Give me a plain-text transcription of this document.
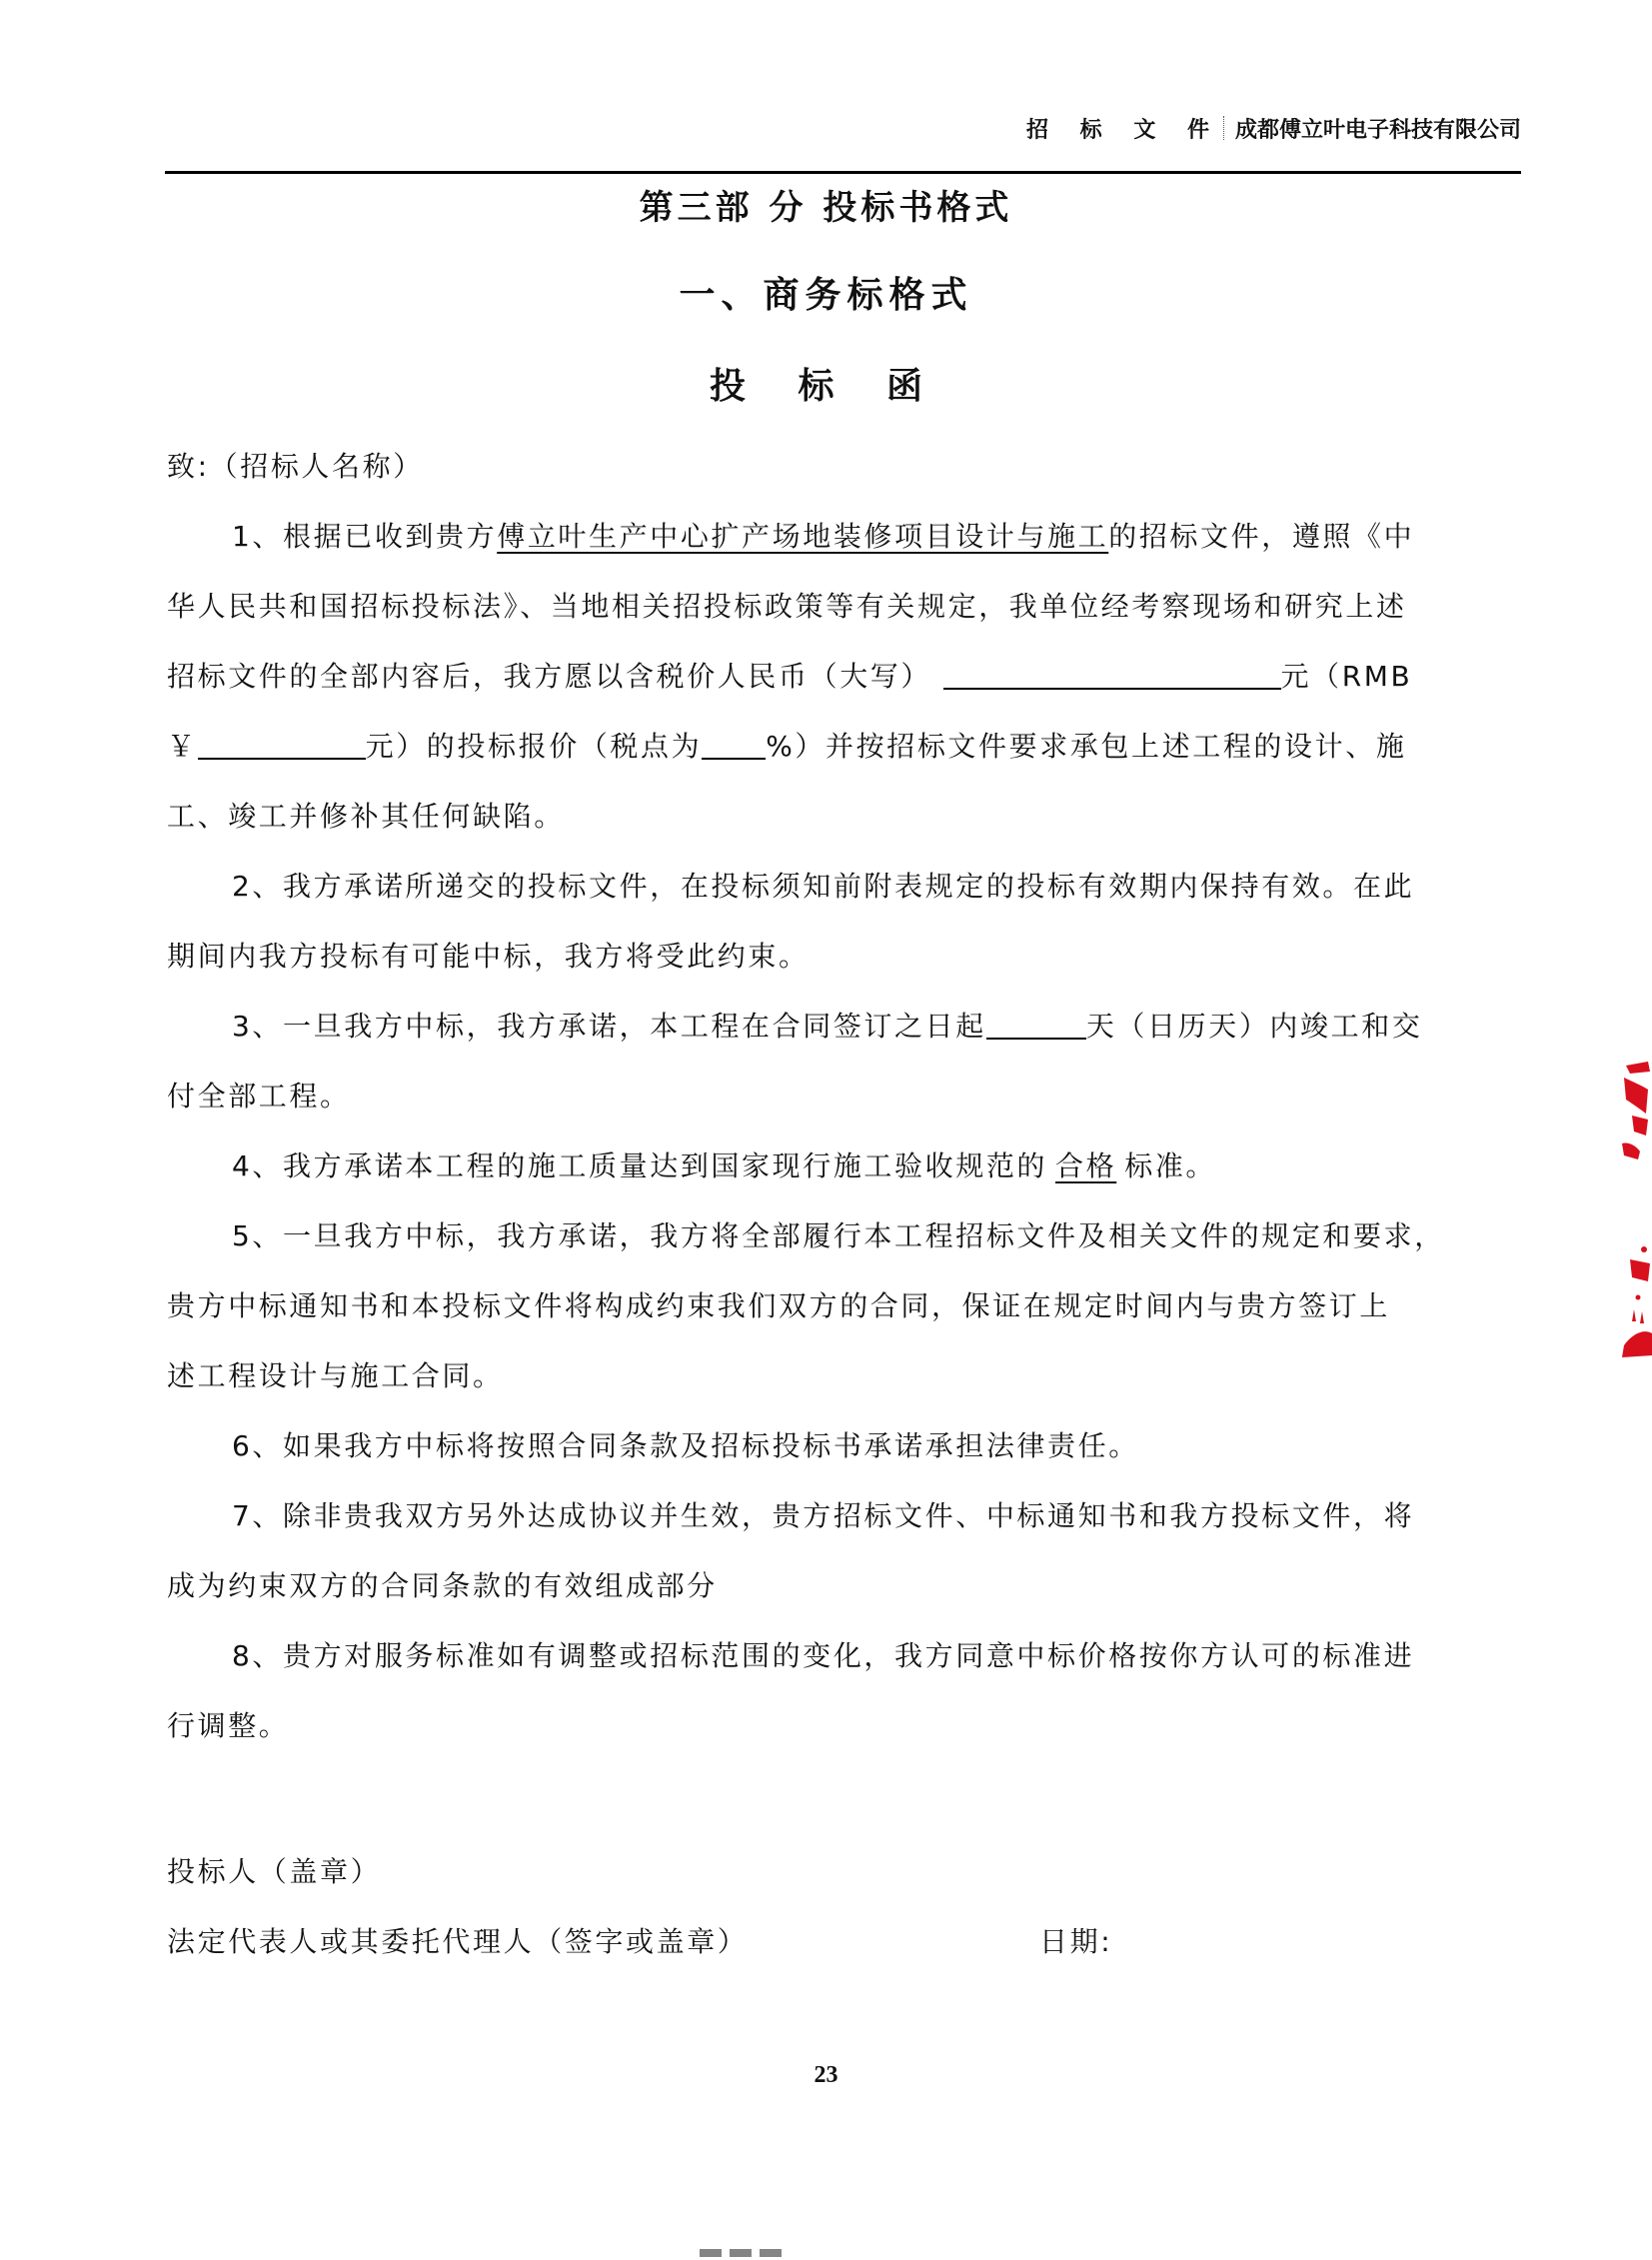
招 标 文 件 成都傅立叶电子科技有限公司
第三部 分 投标书格式
一、商务标格式
投 标 函
致:（招标人名称）
1、根据已收到贵方傅立叶生产中心扩产场地装修项目设计与施工的招标文件，遵照《中
华人民共和国招标投标法》、当地相关招投标政策等有关规定，我单位经考察现场和研究上述
招标文件的全部内容后，我方愿以含税价人民币（大写）	元（RMB
￥	元）的投标报价（税点为 %）并按招标文件要求承包上述工程的设计、施
工、竣工并修补其任何缺陷。
2、我方承诺所递交的投标文件，在投标须知前附表规定的投标有效期内保持有效。在此
期间内我方投标有可能中标，我方将受此约束。
3、一旦我方中标，我方承诺，本工程在合同签订之日起	天（日历天）内竣工和交
付全部工程。
4、我方承诺本工程的施工质量达到国家现行施工验收规范的 合格 标准。
5、一旦我方中标，我方承诺，我方将全部履行本工程招标文件及相关文件的规定和要求，
贵方中标通知书和本投标文件将构成约束我们双方的合同，保证在规定时间内与贵方签订上
述工程设计与施工合同。
6、如果我方中标将按照合同条款及招标投标书承诺承担法律责任。
7、除非贵我双方另外达成协议并生效，贵方招标文件、中标通知书和我方投标文件，将
成为约束双方的合同条款的有效组成部分
8、贵方对服务标准如有调整或招标范围的变化，我方同意中标价格按你方认可的标准进
行调整。
投标人（盖章）
法定代表人或其委托代理人（签字或盖章）	日期:
23
